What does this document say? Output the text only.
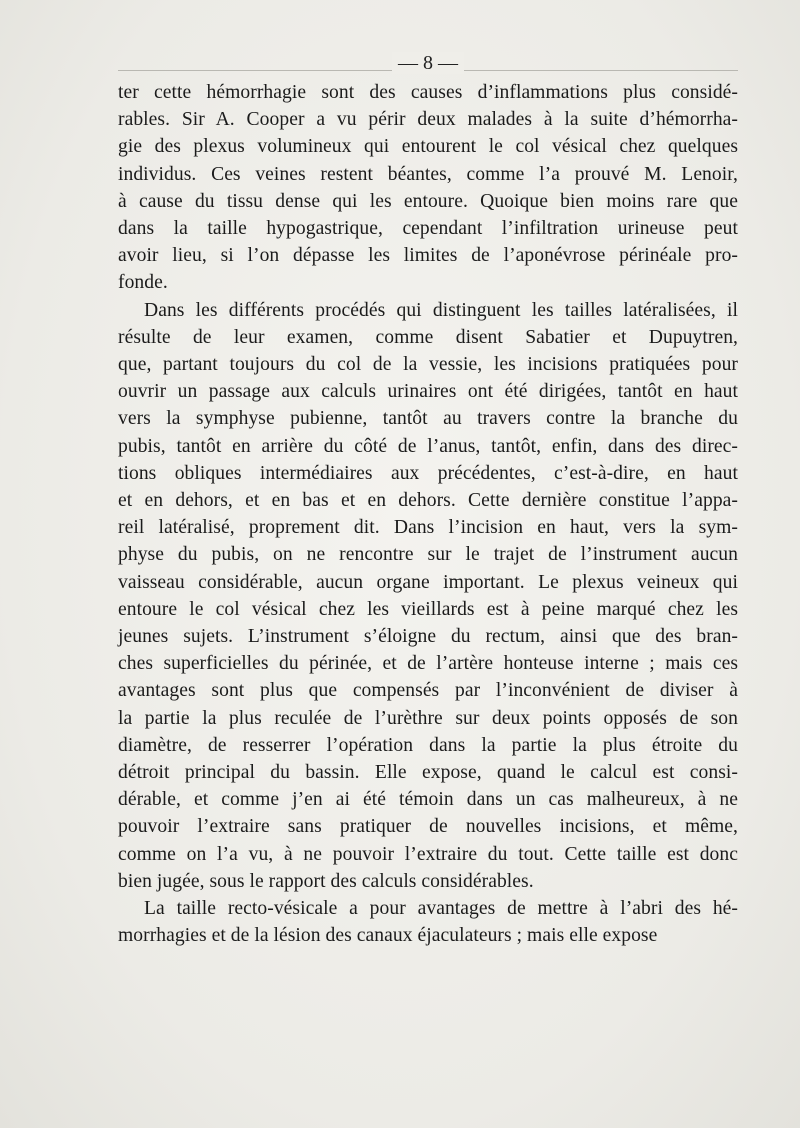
— 8 —

ter cette hémorrhagie sont des causes d’inflammations plus considé-
rables. Sir A. Cooper a vu périr deux malades à la suite d’hémorrha-
gie des plexus volumineux qui entourent le col vésical chez quelques
individus. Ces veines restent béantes, comme l’a prouvé M. Lenoir,
à cause du tissu dense qui les entoure. Quoique bien moins rare que
dans la taille hypogastrique, cependant l’infiltration urineuse peut
avoir lieu, si l’on dépasse les limites de l’aponévrose périnéale pro-
fonde.

Dans les différents procédés qui distinguent les tailles latéralisées, il
résulte de leur examen, comme disent Sabatier et Dupuytren,
que, partant toujours du col de la vessie, les incisions pratiquées pour
ouvrir un passage aux calculs urinaires ont été dirigées, tantôt en haut
vers la symphyse pubienne, tantôt au travers contre la branche du
pubis, tantôt en arrière du côté de l’anus, tantôt, enfin, dans des direc-
tions obliques intermédiaires aux précédentes, c’est-à-dire, en haut
et en dehors, et en bas et en dehors. Cette dernière constitue l’appa-
reil latéralisé, proprement dit. Dans l’incision en haut, vers la sym-
physe du pubis, on ne rencontre sur le trajet de l’instrument aucun
vaisseau considérable, aucun organe important. Le plexus veineux qui
entoure le col vésical chez les vieillards est à peine marqué chez les
jeunes sujets. L’instrument s’éloigne du rectum, ainsi que des bran-
ches superficielles du périnée, et de l’artère honteuse interne ; mais ces
avantages sont plus que compensés par l’inconvénient de diviser à
la partie la plus reculée de l’urèthre sur deux points opposés de son
diamètre, de resserrer l’opération dans la partie la plus étroite du
détroit principal du bassin. Elle expose, quand le calcul est consi-
dérable, et comme j’en ai été témoin dans un cas malheureux, à ne
pouvoir l’extraire sans pratiquer de nouvelles incisions, et même,
comme on l’a vu, à ne pouvoir l’extraire du tout. Cette taille est donc
bien jugée, sous le rapport des calculs considérables.

La taille recto-vésicale a pour avantages de mettre à l’abri des hé-
morrhagies et de la lésion des canaux éjaculateurs ; mais elle expose
